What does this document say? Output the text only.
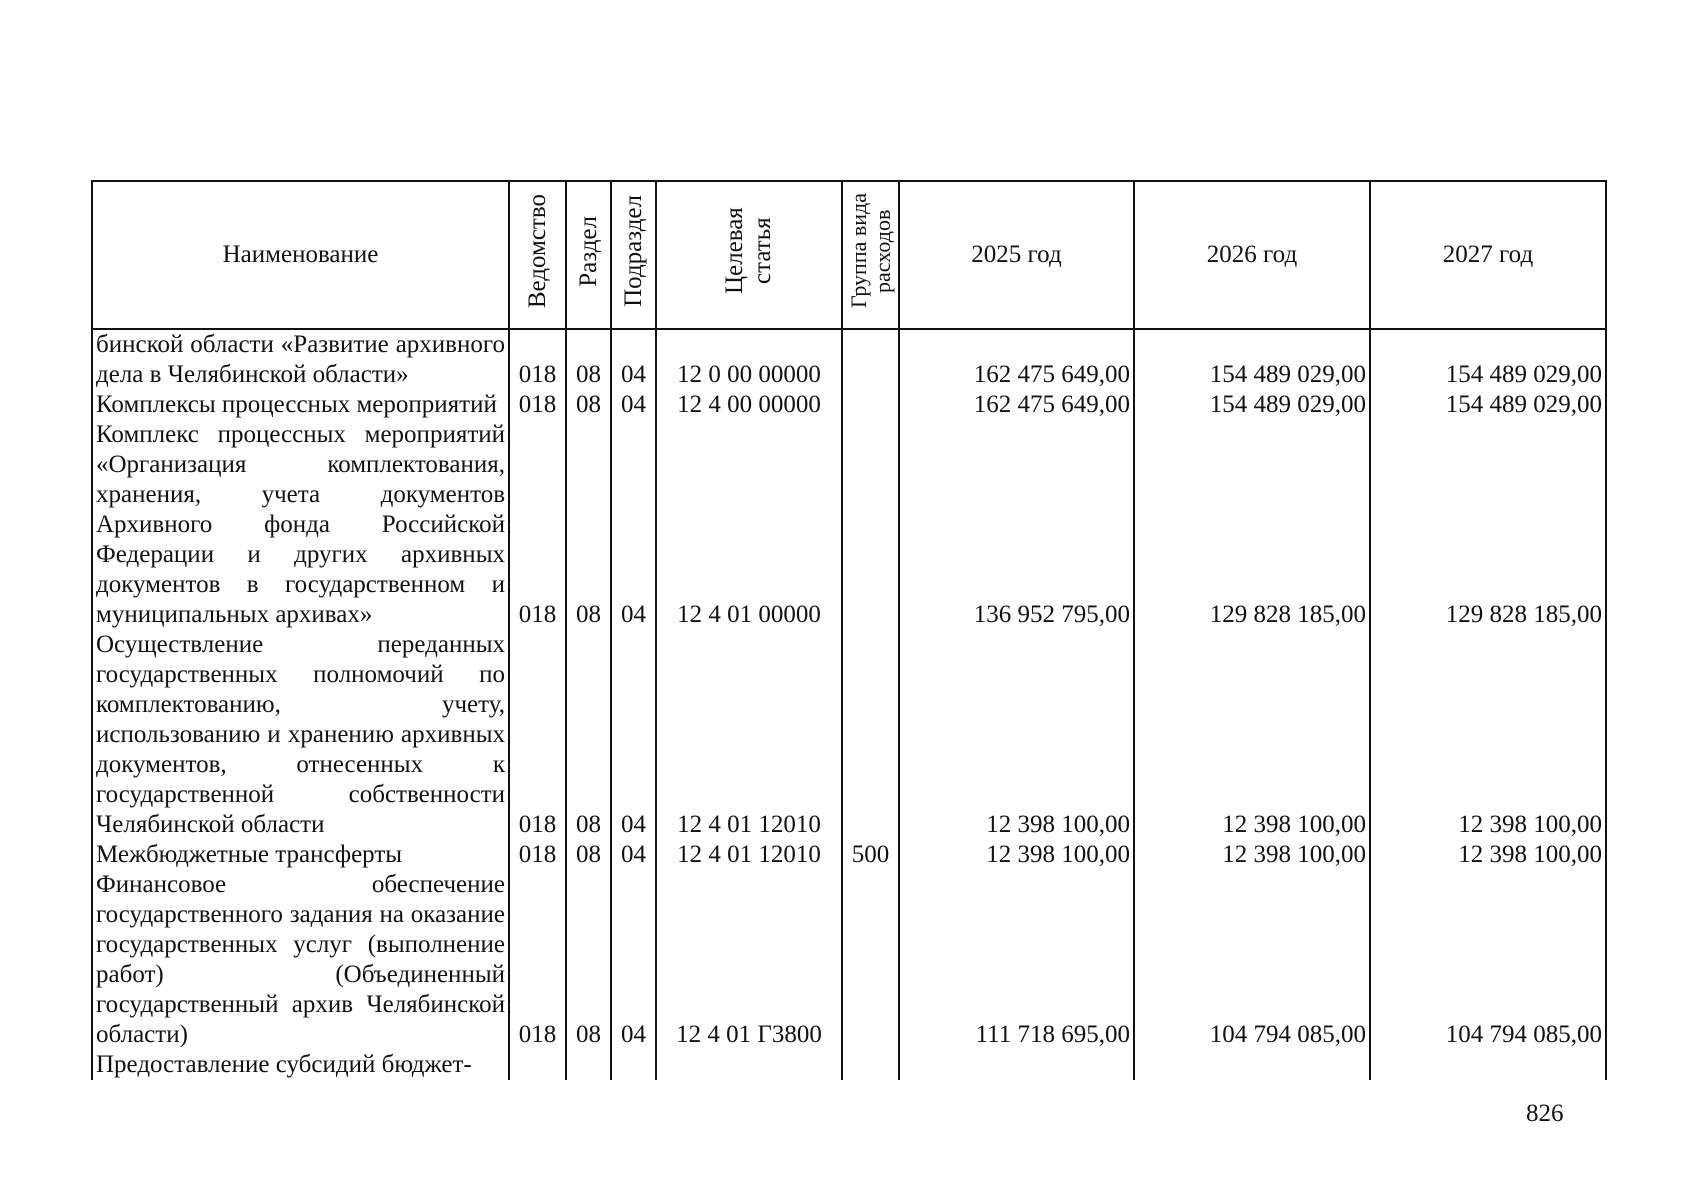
Наименование	Ведомство	Раздел	Подраздел	Целевая статья	Группа вида расходов	2025 год	2026 год	2027 год
бинской области «Развитие архивного дела в Челябинской области»	018	08	04	12 0 00 00000		162 475 649,00	154 489 029,00	154 489 029,00
Комплексы процессных мероприятий	018	08	04	12 4 00 00000		162 475 649,00	154 489 029,00	154 489 029,00
Комплекс процессных мероприятий «Организация комплектования, хранения, учета документов Архивного фонда Российской Федерации и других архивных документов в государственном и муниципальных архивах»	018	08	04	12 4 01 00000		136 952 795,00	129 828 185,00	129 828 185,00
Осуществление переданных государственных полномочий по комплектованию, учету, использованию и хранению архивных документов, отнесенных к государственной собственности Челябинской области	018	08	04	12 4 01 12010		12 398 100,00	12 398 100,00	12 398 100,00
Межбюджетные трансферты	018	08	04	12 4 01 12010	500	12 398 100,00	12 398 100,00	12 398 100,00
Финансовое обеспечение государственного задания на оказание государственных услуг (выполнение работ) (Объединенный государственный архив Челябинской области)	018	08	04	12 4 01 Г3800		111 718 695,00	104 794 085,00	104 794 085,00
Предоставление субсидий бюджет-								
826
